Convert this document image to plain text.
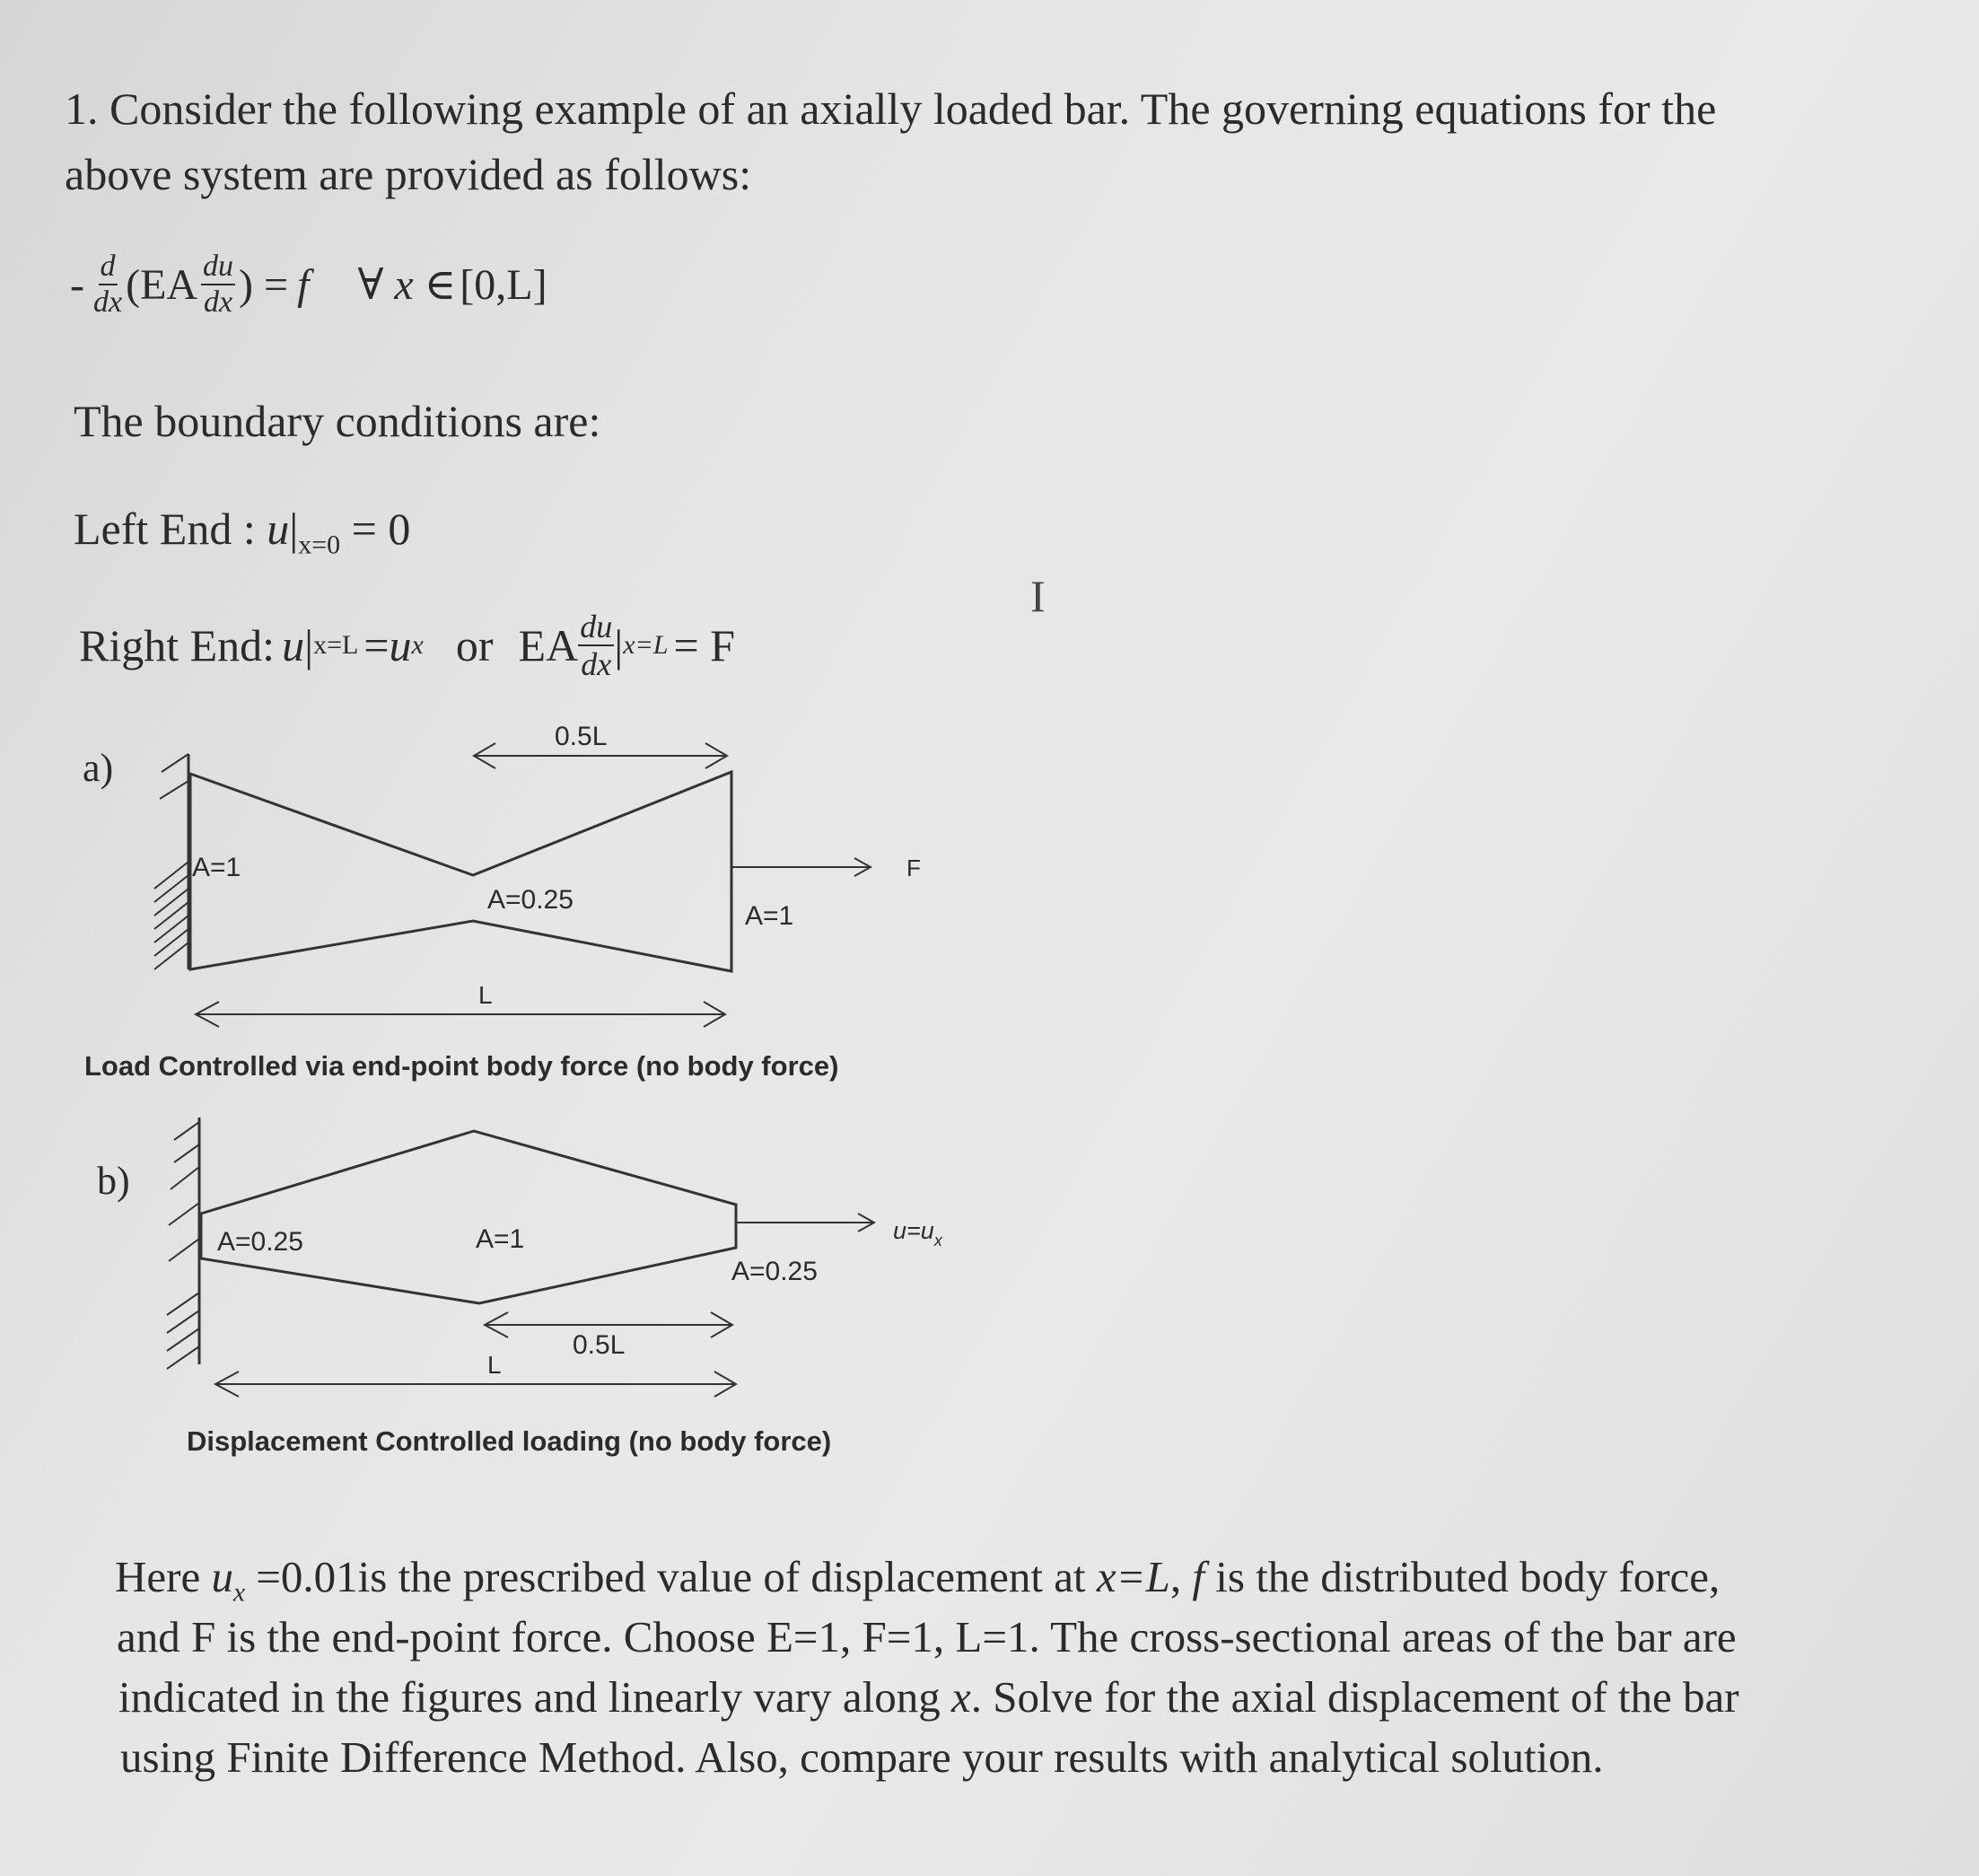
1. Consider the following example of an axially loaded bar. The governing equations for the
above system are provided as follows:
- $\frac{d}{dx} (EA \frac{du}{dx}$ ) = f ∀ x ∈ [0,L]
The boundary conditions are:
Left End : $u|_{x=0} = 0$
Right End: u | x=L = u x or EA $\frac{du}{dx}$ | x=L = F
a)
0.5L
A=1
A=0.25
A=1
F
L
Load Controlled via end-point body force (no body force)
b)
A=0.25	A=1
A=0.25
$u=u_x$
0.5L
L
Displacement Controlled loading (no body force)
I
Here $u_x =0.01is$ the prescribed value of displacement at x=L, f is the distributed body force,
and F is the end-point force. Choose E=1, F=1, L=1. The cross-sectional areas of the bar are
indicated in the figures and linearly vary along x. Solve for the axial displacement of the bar
using Finite Difference Method. Also, compare your results with analytical solution.
